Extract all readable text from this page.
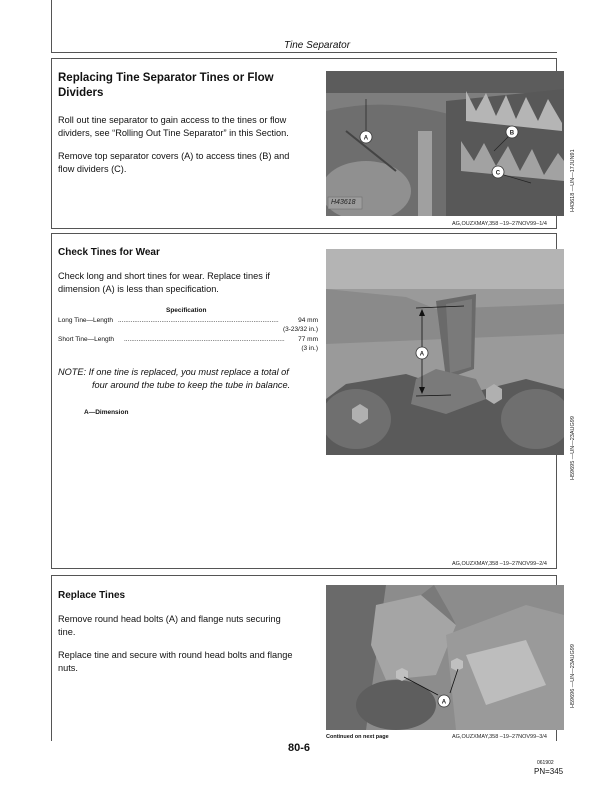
Tine Separator
Replacing Tine Separator Tines or Flow
Dividers
Roll out tine separator to gain access to the tines or flow
dividers, see “Rolling Out Tine Separator” in this Section.
Remove top separator covers (A) to access tines (B) and
flow dividers (C).
A
B
C
H43618	H43618 —UN—17JUN91
AG,OUZXMAY,358 –19–27NOV99–1/4
Check Tines for Wear
Check long and short tines for wear. Replace tines if
dimension (A) is less than specification.
Specification
Long Tine—Length .........................................................................................	94 mm
(3-23/32 in.)
Short Tine—Length .........................................................................................	77 mm
(3 in.)
NOTE: If one tine is replaced, you must replace a total of
four around the tube to keep the tube in balance.
A—Dimension
A
H59695 —UN—23AUG99
AG,OUZXMAY,358 –19–27NOV99–2/4
Replace Tines
Remove round head bolts (A) and flange nuts securing
tine.
Replace tine and secure with round head bolts and flange
nuts.
A	H59696 —UN—23AUG99
Continued on next page	AG,OUZXMAY,358 –19–27NOV99–3/4
80-6
061902
PN=345
